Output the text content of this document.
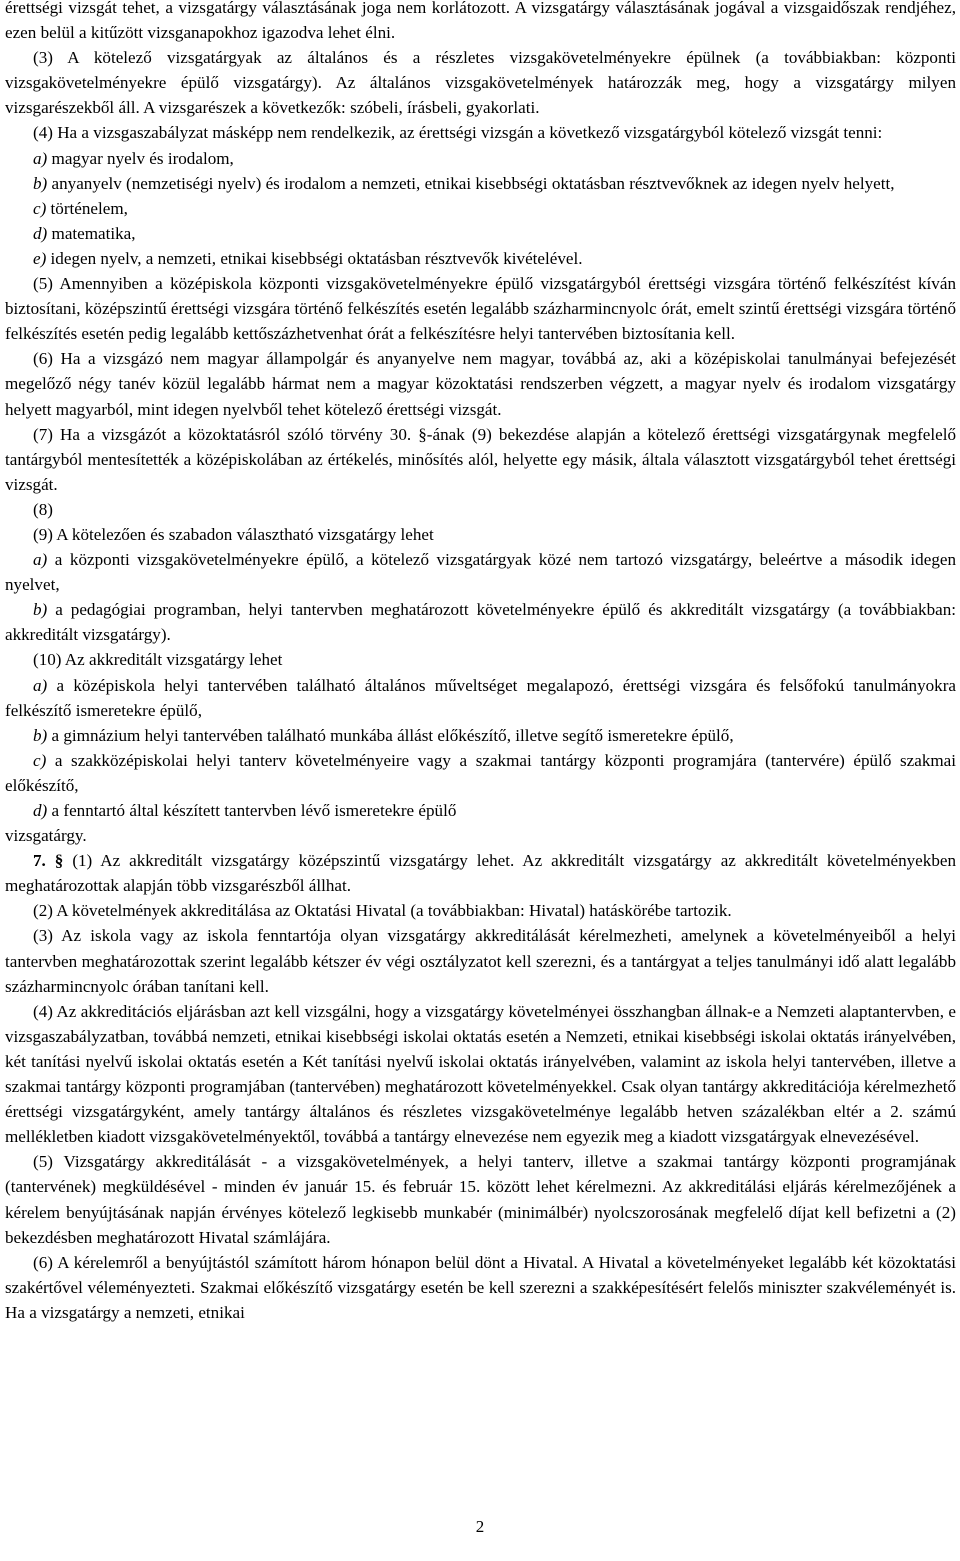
érettségi vizsgát tehet, a vizsgatárgy választásának joga nem korlátozott. A vizsgatárgy választásának jogával a vizsgaidőszak rendjéhez, ezen belül a kitűzött vizsganapokhoz igazodva lehet élni.

(3) A kötelező vizsgatárgyak az általános és a részletes vizsgakövetelményekre épülnek (a továbbiakban: központi vizsgakövetelményekre épülő vizsgatárgy). Az általános vizsgakövetelmények határozzák meg, hogy a vizsgatárgy milyen vizsgarészekből áll. A vizsgarészek a következők: szóbeli, írásbeli, gyakorlati.

(4) Ha a vizsgaszabályzat másképp nem rendelkezik, az érettségi vizsgán a következő vizsgatárgyból kötelező vizsgát tenni:

a) magyar nyelv és irodalom,

b) anyanyelv (nemzetiségi nyelv) és irodalom a nemzeti, etnikai kisebbségi oktatásban résztvevőknek az idegen nyelv helyett,

c) történelem,

d) matematika,

e) idegen nyelv, a nemzeti, etnikai kisebbségi oktatásban résztvevők kivételével.

(5) Amennyiben a középiskola központi vizsgakövetelményekre épülő vizsgatárgyból érettségi vizsgára történő felkészítést kíván biztosítani, középszintű érettségi vizsgára történő felkészítés esetén legalább százharmincnyolc órát, emelt szintű érettségi vizsgára történő felkészítés esetén pedig legalább kettőszázhetvenhat órát a felkészítésre helyi tantervében biztosítania kell.

(6) Ha a vizsgázó nem magyar állampolgár és anyanyelve nem magyar, továbbá az, aki a középiskolai tanulmányai befejezését megelőző négy tanév közül legalább hármat nem a magyar közoktatási rendszerben végzett, a magyar nyelv és irodalom vizsgatárgy helyett magyarból, mint idegen nyelvből tehet kötelező érettségi vizsgát.

(7) Ha a vizsgázót a közoktatásról szóló törvény 30. §-ának (9) bekezdése alapján a kötelező érettségi vizsgatárgynak megfelelő tantárgyból mentesítették a középiskolában az értékelés, minősítés alól, helyette egy másik, általa választott vizsgatárgyból tehet érettségi vizsgát.

(8)

(9) A kötelezően és szabadon választható vizsgatárgy lehet

a) a központi vizsgakövetelményekre épülő, a kötelező vizsgatárgyak közé nem tartozó vizsgatárgy, beleértve a második idegen nyelvet,

b) a pedagógiai programban, helyi tantervben meghatározott követelményekre épülő és akkreditált vizsgatárgy (a továbbiakban: akkreditált vizsgatárgy).

(10) Az akkreditált vizsgatárgy lehet

a) a középiskola helyi tantervében található általános műveltséget megalapozó, érettségi vizsgára és felsőfokú tanulmányokra felkészítő ismeretekre épülő,

b) a gimnázium helyi tantervében található munkába állást előkészítő, illetve segítő ismeretekre épülő,

c) a szakközépiskolai helyi tanterv követelményeire vagy a szakmai tantárgy központi programjára (tantervére) épülő szakmai előkészítő,

d) a fenntartó által készített tantervben lévő ismeretekre épülő

vizsgatárgy.

7. § (1) Az akkreditált vizsgatárgy középszintű vizsgatárgy lehet. Az akkreditált vizsgatárgy az akkreditált követelményekben meghatározottak alapján több vizsgarészből állhat.

(2) A követelmények akkreditálása az Oktatási Hivatal (a továbbiakban: Hivatal) hatáskörébe tartozik.

(3) Az iskola vagy az iskola fenntartója olyan vizsgatárgy akkreditálását kérelmezheti, amelynek a követelményeiből a helyi tantervben meghatározottak szerint legalább kétszer év végi osztályzatot kell szerezni, és a tantárgyat a teljes tanulmányi idő alatt legalább százharmincnyolc órában tanítani kell.

(4) Az akkreditációs eljárásban azt kell vizsgálni, hogy a vizsgatárgy követelményei összhangban állnak-e a Nemzeti alaptantervben, e vizsgaszabályzatban, továbbá nemzeti, etnikai kisebbségi iskolai oktatás esetén a Nemzeti, etnikai kisebbségi iskolai oktatás irányelvében, két tanítási nyelvű iskolai oktatás esetén a Két tanítási nyelvű iskolai oktatás irányelvében, valamint az iskola helyi tantervében, illetve a szakmai tantárgy központi programjában (tantervében) meghatározott követelményekkel. Csak olyan tantárgy akkreditációja kérelmezhető érettségi vizsgatárgyként, amely tantárgy általános és részletes vizsgakövetelménye legalább hetven százalékban eltér a 2. számú mellékletben kiadott vizsgakövetelményektől, továbbá a tantárgy elnevezése nem egyezik meg a kiadott vizsgatárgyak elnevezésével.

(5) Vizsgatárgy akkreditálását - a vizsgakövetelmények, a helyi tanterv, illetve a szakmai tantárgy központi programjának (tantervének) megküldésével - minden év január 15. és február 15. között lehet kérelmezni. Az akkreditálási eljárás kérelmezőjének a kérelem benyújtásának napján érvényes kötelező legkisebb munkabér (minimálbér) nyolcszorosának megfelelő díjat kell befizetni a (2) bekezdésben meghatározott Hivatal számlájára.

(6) A kérelemről a benyújtástól számított három hónapon belül dönt a Hivatal. A Hivatal a követelményeket legalább két közoktatási szakértővel véleményezteti. Szakmai előkészítő vizsgatárgy esetén be kell szerezni a szakképesítésért felelős miniszter szakvéleményét is. Ha a vizsgatárgy a nemzeti, etnikai

2
